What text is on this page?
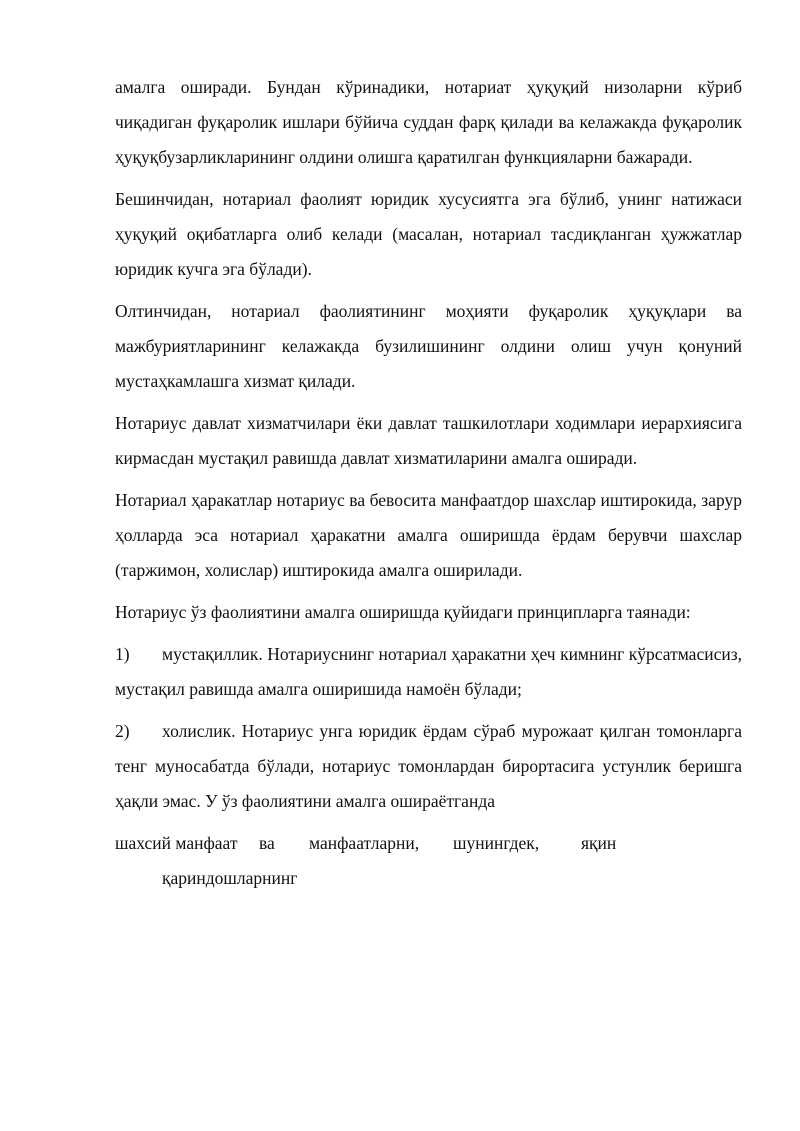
амалга оширади. Бундан кўринадики, нотариат ҳуқуқий низоларни кўриб чиқадиган фуқаролик ишлари бўйича суддан фарқ қилади ва келажакда фуқаролик ҳуқуқбузарликларининг олдини олишга қаратилган функцияларни бажаради.

Бешинчидан, нотариал фаолият юридик хусусиятга эга бўлиб, унинг натижаси ҳуқуқий оқибатларга олиб келади (масалан, нотариал тасдиқланган ҳужжатлар юридик кучга эга бўлади).

Олтинчидан, нотариал фаолиятининг моҳияти фуқаролик ҳуқуқлари ва мажбуриятларининг келажакда бузилишининг олдини олиш учун қонуний мустаҳкамлашга хизмат қилади.

Нотариус давлат хизматчилари ёки давлат ташкилотлари ходимлари иерархиясига кирмасдан мустақил равишда давлат хизматиларини амалга оширади.

Нотариал ҳаракатлар нотариус ва бевосита манфаатдор шахслар иштирокида, зарур ҳолларда эса нотариал ҳаракатни амалга оширишда ёрдам берувчи шахслар (таржимон, холислар) иштирокида амалга оширилади.

Нотариус ўз фаолиятини амалга оширишда қуйидаги принципларга таянади:

1) мустақиллик. Нотариуснинг нотариал ҳаракатни ҳеч кимнинг кўрсатмасисиз, мустақил равишда амалга оширишида намоён бўлади;
2) холислик. Нотариус унга юридик ёрдам сўраб мурожаат қилган томонларга тенг муносабатда бўлади, нотариус томонлардан бирортасига устунлик беришга ҳақли эмас. У ўз фаолиятини амалга ошираётганда
шахсий манфаат ва манфаатларни, шунингдек, яқин
қариндошларнинг
